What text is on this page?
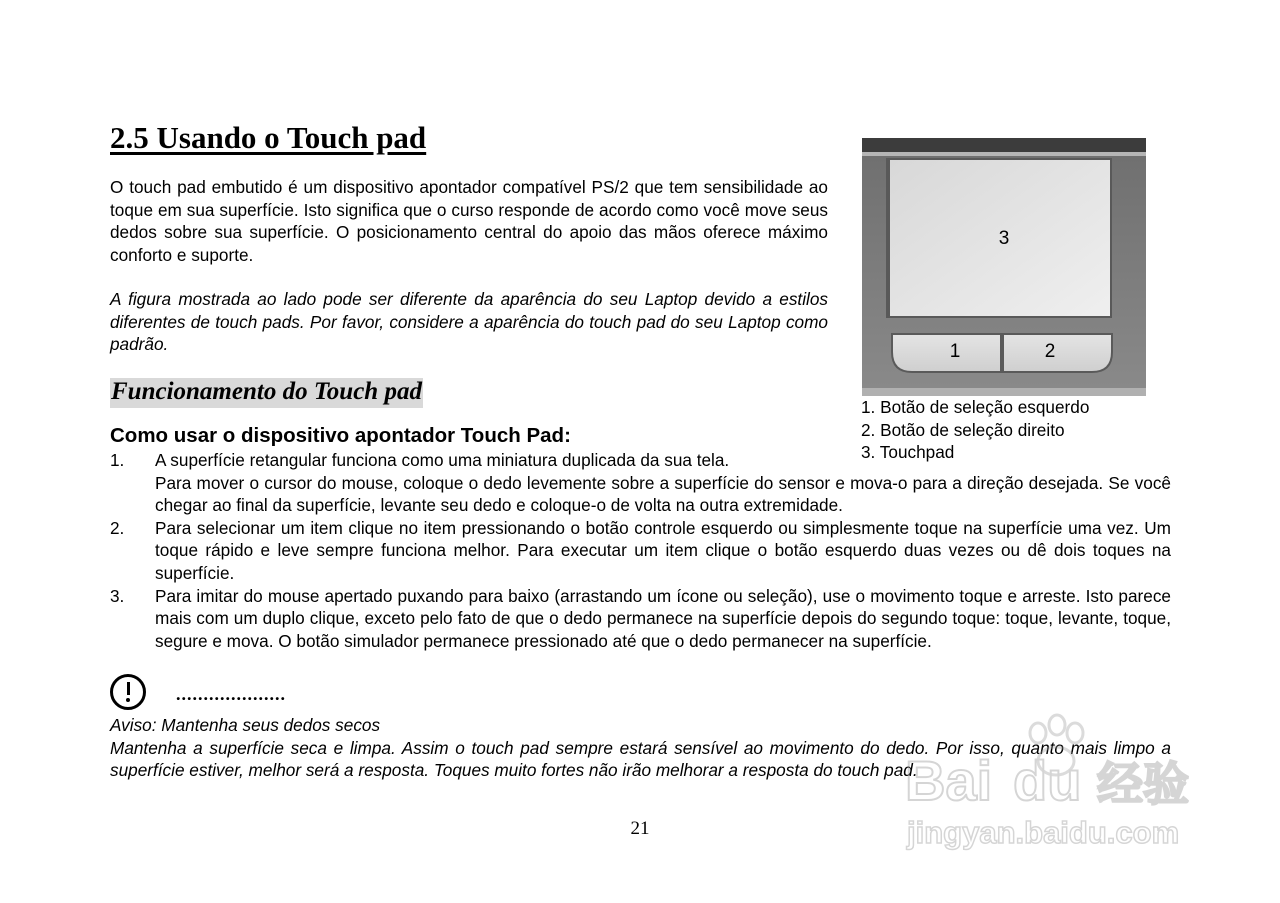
2.5 Usando o Touch pad

O touch pad embutido é um dispositivo apontador compatível PS/2 que tem sensibilidade ao toque em sua superfície. Isto significa que o curso responde de acordo como você move seus dedos sobre sua superfície. O posicionamento central do apoio das mãos oferece máximo conforto e suporte.

A figura mostrada ao lado pode ser diferente da aparência do seu Laptop devido a estilos diferentes de touch pads. Por favor, considere a aparência do touch pad do seu Laptop como padrão.

Funcionamento do Touch pad
Como usar o dispositivo apontador Touch Pad:
1. A superfície retangular funciona como uma miniatura duplicada da sua tela.
Para mover o cursor do mouse, coloque o dedo levemente sobre a superfície do sensor e mova-o para a direção desejada. Se você chegar ao final da superfície, levante seu dedo e coloque-o de volta na outra extremidade.
2. Para selecionar um item clique no item pressionando o botão controle esquerdo ou simplesmente toque na superfície uma vez. Um toque rápido e leve sempre funciona melhor. Para executar um item clique o botão esquerdo duas vezes ou dê dois toques na superfície.
3. Para imitar do mouse apertado puxando para baixo (arrastando um ícone ou seleção), use o movimento toque e arreste. Isto parece mais com um duplo clique, exceto pelo fato de que o dedo permanece na superfície depois do segundo toque: toque, levante, toque, segure e mova. O botão simulador permanece pressionado até que o dedo permanecer na superfície.
....................
Aviso: Mantenha seus dedos secos
Mantenha a superfície seca e limpa. Assim o touch pad sempre estará sensível ao movimento do dedo. Por isso, quanto mais limpo a superfície estiver, melhor será a resposta. Toques muito fortes não irão melhorar a resposta do touch pad.
21
3
1	2
1. Botão de seleção esquerdo
2. Botão de seleção direito
3. Touchpad
Bai du 经验
jingyan.baidu.com
